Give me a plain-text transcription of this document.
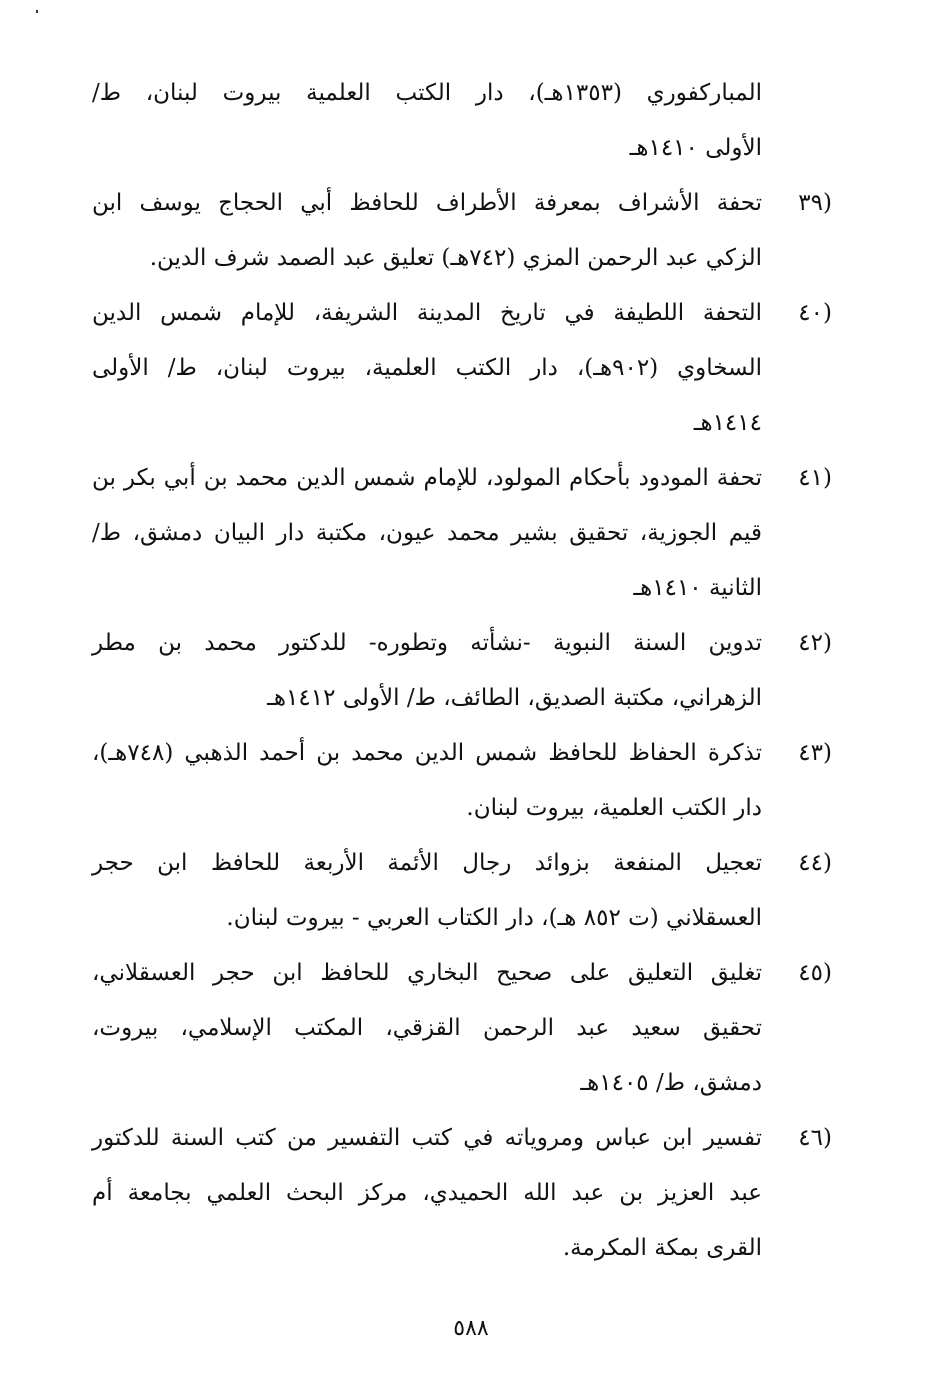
المباركفوري (١٣٥٣هـ)، دار الكتب العلمية بيروت لبنان، ط/
الأولى ١٤١٠هـ
(٣٩
تحفة الأشراف بمعرفة الأطراف للحافظ أبي الحجاج يوسف ابن
الزكي عبد الرحمن المزي (٧٤٢هـ) تعليق عبد الصمد شرف الدين.
(٤٠
التحفة اللطيفة في تاريخ المدينة الشريفة، للإمام شمس الدين
السخاوي (٩٠٢هـ)، دار الكتب العلمية، بيروت لبنان، ط/ الأولى
١٤١٤هـ
(٤١
تحفة المودود بأحكام المولود، للإمام شمس الدين محمد بن أبي بكر بن
قيم الجوزية، تحقيق بشير محمد عيون، مكتبة دار البيان دمشق، ط/
الثانية ١٤١٠هـ
(٤٢
تدوين السنة النبوية -نشأته وتطوره- للدكتور محمد بن مطر
الزهراني، مكتبة الصديق، الطائف، ط/ الأولى ١٤١٢هـ
(٤٣
تذكرة الحفاظ للحافظ شمس الدين محمد بن أحمد الذهبي (٧٤٨هـ)،
دار الكتب العلمية، بيروت لبنان.
(٤٤
تعجيل المنفعة بزوائد رجال الأئمة الأربعة للحافظ ابن حجر
العسقلاني (ت ٨٥٢ هـ)، دار الكتاب العربي - بيروت لبنان.
(٤٥
تغليق التعليق على صحيح البخاري للحافظ ابن حجر العسقلاني،
تحقيق سعيد عبد الرحمن القزقي، المكتب الإسلامي، بيروت،
دمشق، ط/ ١٤٠٥هـ
(٤٦
تفسير ابن عباس ومروياته في كتب التفسير من كتب السنة للدكتور
عبد العزيز بن عبد الله الحميدي، مركز البحث العلمي بجامعة أم
القرى بمكة المكرمة.
٥٨٨
